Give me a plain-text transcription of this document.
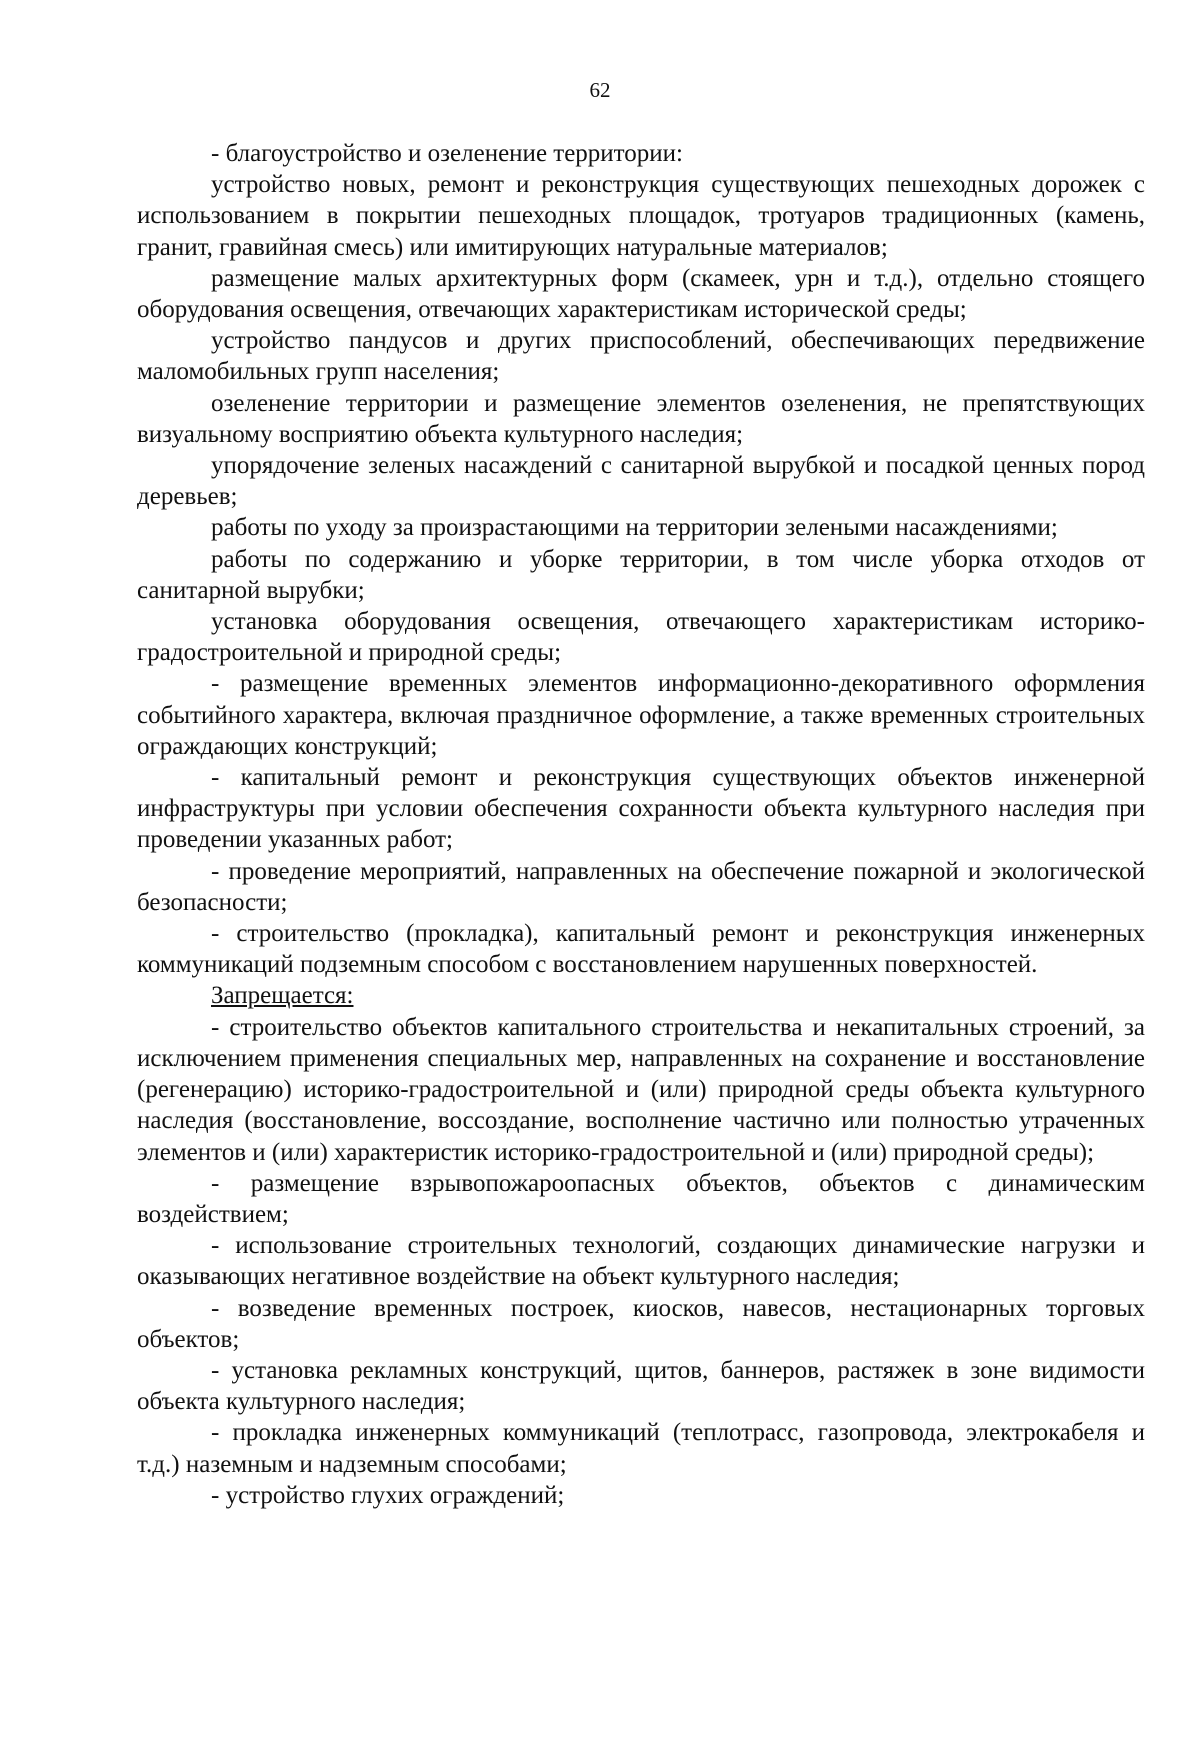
62

- благоустройство и озеленение территории:

устройство новых, ремонт и реконструкция существующих пешеходных дорожек с использованием в покрытии пешеходных площадок, тротуаров традиционных (камень, гранит, гравийная смесь) или имитирующих натуральные материалов;

размещение малых архитектурных форм (скамеек, урн и т.д.), отдельно стоящего оборудования освещения, отвечающих характеристикам исторической среды;

устройство пандусов и других приспособлений, обеспечивающих передвижение маломобильных групп населения;

озеленение территории и размещение элементов озеленения, не препятствующих визуальному восприятию объекта культурного наследия;

упорядочение зеленых насаждений с санитарной вырубкой и посадкой ценных пород деревьев;

работы по уходу за произрастающими на территории зелеными насаждениями;

работы по содержанию и уборке территории, в том числе уборка отходов от санитарной вырубки;

установка оборудования освещения, отвечающего характеристикам историко-градостроительной и природной среды;

- размещение временных элементов информационно-декоративного оформления событийного характера, включая праздничное оформление, а также временных строительных ограждающих конструкций;

- капитальный ремонт и реконструкция существующих объектов инженерной инфраструктуры при условии обеспечения сохранности объекта культурного наследия при проведении указанных работ;

- проведение мероприятий, направленных на обеспечение пожарной и экологической безопасности;

- строительство (прокладка), капитальный ремонт и реконструкция инженерных коммуникаций подземным способом с восстановлением нарушенных поверхностей.

Запрещается:

- строительство объектов капитального строительства и некапитальных строений, за исключением применения специальных мер, направленных на сохранение и восстановление (регенерацию) историко-градостроительной и (или) природной среды объекта культурного наследия (восстановление, воссоздание, восполнение частично или полностью утраченных элементов и (или) характеристик историко-градостроительной и (или) природной среды);

- размещение взрывопожароопасных объектов, объектов с динамическим воздействием;

- использование строительных технологий, создающих динамические нагрузки и оказывающих негативное воздействие на объект культурного наследия;

- возведение временных построек, киосков, навесов, нестационарных торговых объектов;

- установка рекламных конструкций, щитов, баннеров, растяжек в зоне видимости объекта культурного наследия;

- прокладка инженерных коммуникаций (теплотрасс, газопровода, электрокабеля и т.д.) наземным и надземным способами;

- устройство глухих ограждений;
